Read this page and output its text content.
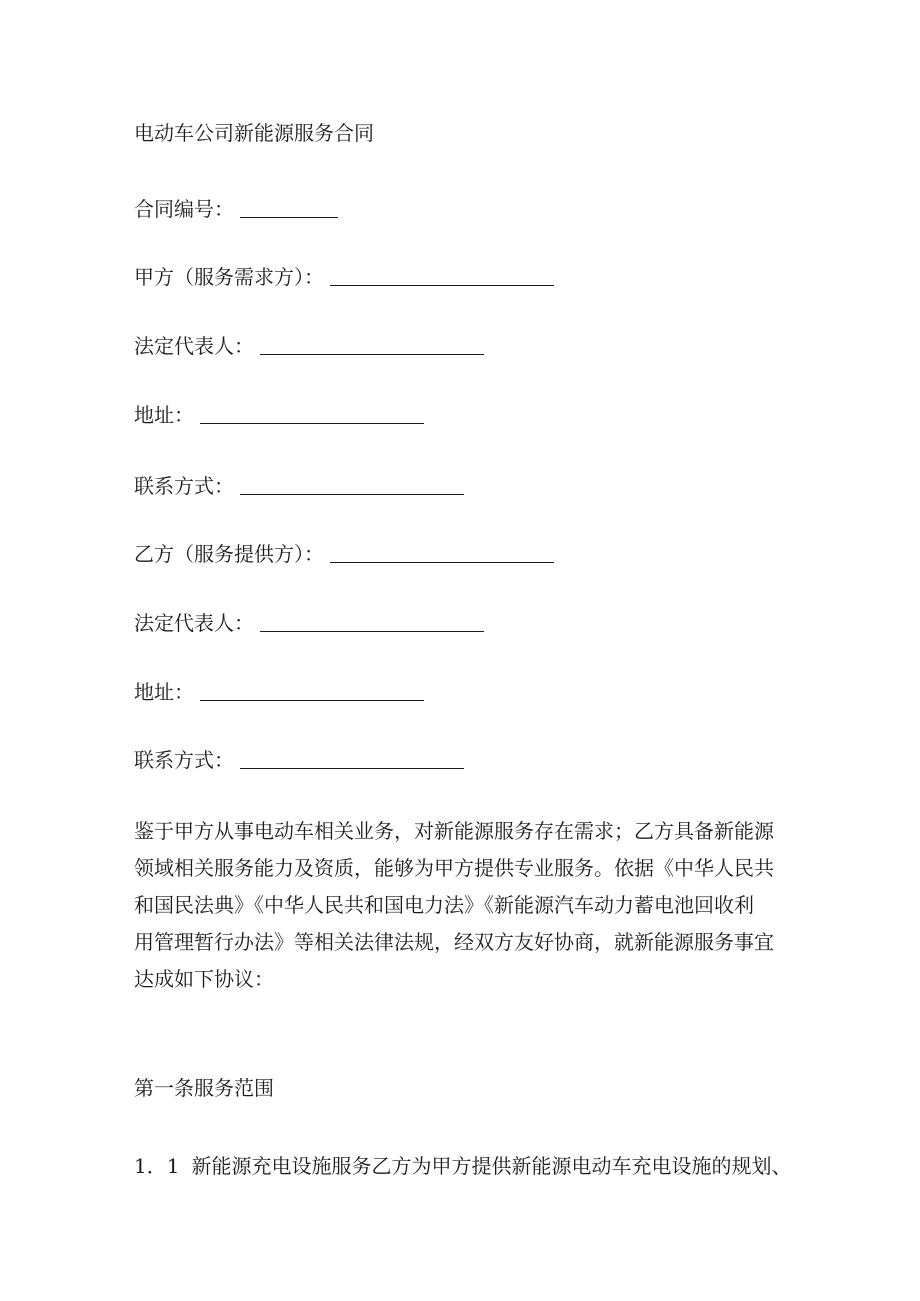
电动车公司新能源服务合同
合同编号：
甲方（服务需求方）：
法定代表人：
地址：
联系方式：
乙方（服务提供方）：
法定代表人：
地址：
联系方式：
鉴于甲方从事电动车相关业务，对新能源服务存在需求；乙方具备新能源
领域相关服务能力及资质，能够为甲方提供专业服务。依据《中华人民共
和国民法典》《中华人民共和国电力法》《新能源汽车动力蓄电池回收利
用管理暂行办法》等相关法律法规，经双方友好协商，就新能源服务事宜
达成如下协议：
第一条服务范围
1．1 新能源充电设施服务乙方为甲方提供新能源电动车充电设施的规划、
